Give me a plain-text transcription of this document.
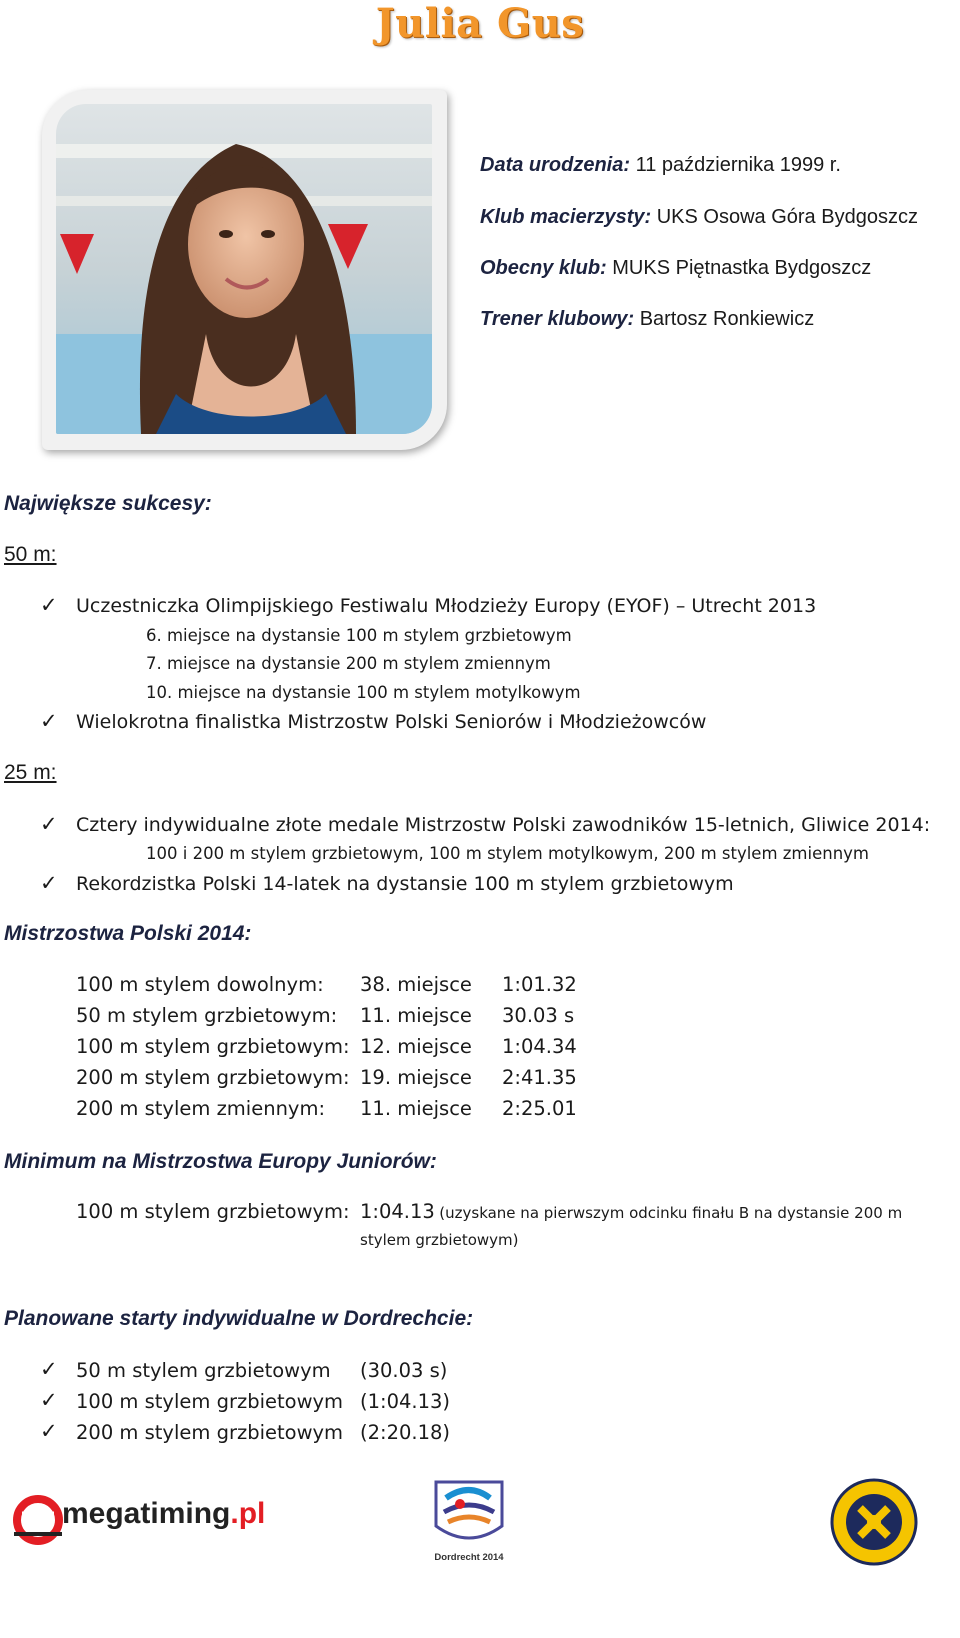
Julia Gus
Data urodzenia: 11 października 1999 r.
Klub macierzysty: UKS Osowa Góra Bydgoszcz
Obecny klub: MUKS Piętnastka Bydgoszcz
Trener klubowy: Bartosz Ronkiewicz
Największe sukcesy:
50 m:
✓ Uczestniczka Olimpijskiego Festiwalu Młodzieży Europy (EYOF) – Utrecht 2013
6. miejsce na dystansie 100 m stylem grzbietowym
7. miejsce na dystansie 200 m stylem zmiennym
10. miejsce na dystansie 100 m stylem motylkowym
✓ Wielokrotna finalistka Mistrzostw Polski Seniorów i Młodzieżowców
25 m:
✓ Cztery indywidualne złote medale Mistrzostw Polski zawodników 15-letnich, Gliwice 2014:
100 i 200 m stylem grzbietowym, 100 m stylem motylkowym, 200 m stylem zmiennym
✓ Rekordzistka Polski 14-latek na dystansie 100 m stylem grzbietowym
Mistrzostwa Polski 2014:
100 m stylem dowolnym: 38. miejsce 1:01.32
50 m stylem grzbietowym: 11. miejsce 30.03 s
100 m stylem grzbietowym: 12. miejsce 1:04.34
200 m stylem grzbietowym: 19. miejsce 2:41.35
200 m stylem zmiennym: 11. miejsce 2:25.01
Minimum na Mistrzostwa Europy Juniorów:
100 m stylem grzbietowym: 1:04.13 (uzyskane na pierwszym odcinku finału B na dystansie 200 m
stylem grzbietowym)
Planowane starty indywidualne w Dordrechcie:
✓ 50 m stylem grzbietowym (30.03 s)
✓ 100 m stylem grzbietowym (1:04.13)
✓ 200 m stylem grzbietowym (2:20.18)
megatiming.pl
Dordrecht 2014
